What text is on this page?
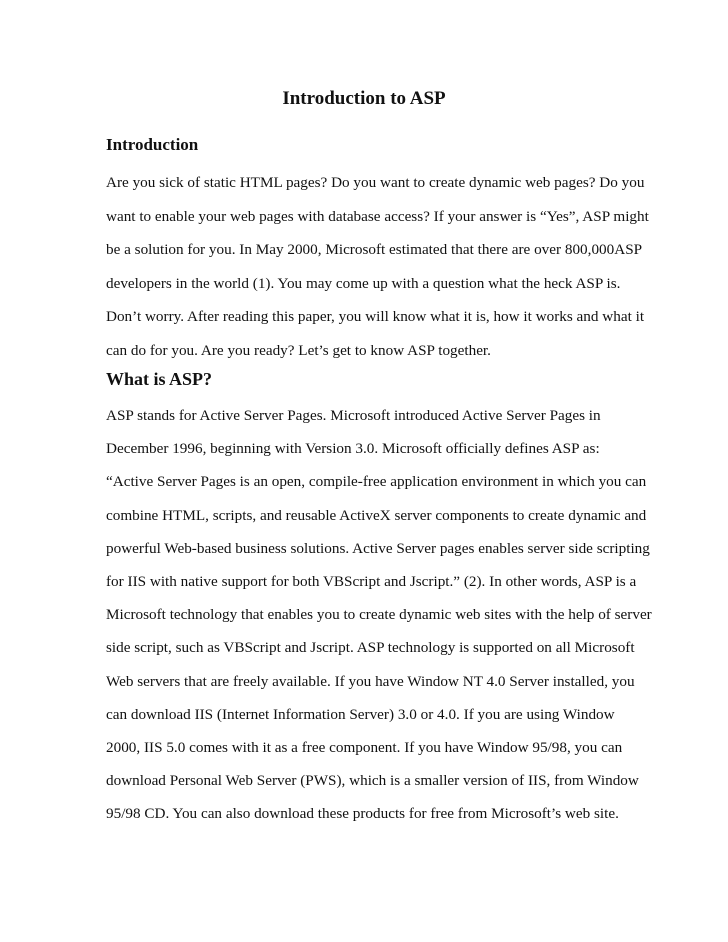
Introduction to ASP
Introduction
Are you sick of static HTML pages? Do you want to create dynamic web pages? Do you
want to enable your web pages with database access? If your answer is “Yes”, ASP might
be a solution for you. In May 2000, Microsoft estimated that there are over 800,000ASP
developers in the world (1). You may come up with a question what the heck ASP is.
Don’t worry. After reading this paper, you will know what it is, how it works and what it
can do for you. Are you ready? Let’s get to know ASP together.
What is ASP?
ASP stands for Active Server Pages. Microsoft introduced Active Server Pages in
December 1996, beginning with Version 3.0. Microsoft officially defines ASP as:
“Active Server Pages is an open, compile-free application environment in which you can
combine HTML, scripts, and reusable ActiveX server components to create dynamic and
powerful Web-based business solutions. Active Server pages enables server side scripting
for IIS with native support for both VBScript and Jscript.” (2). In other words, ASP is a
Microsoft technology that enables you to create dynamic web sites with the help of server
side script, such as VBScript and Jscript. ASP technology is supported on all Microsoft
Web servers that are freely available. If you have Window NT 4.0 Server installed, you
can download IIS (Internet Information Server) 3.0 or 4.0. If you are using Window
2000, IIS 5.0 comes with it as a free component. If you have Window 95/98, you can
download Personal Web Server (PWS), which is a smaller version of IIS, from Window
95/98 CD. You can also download these products for free from Microsoft’s web site.
